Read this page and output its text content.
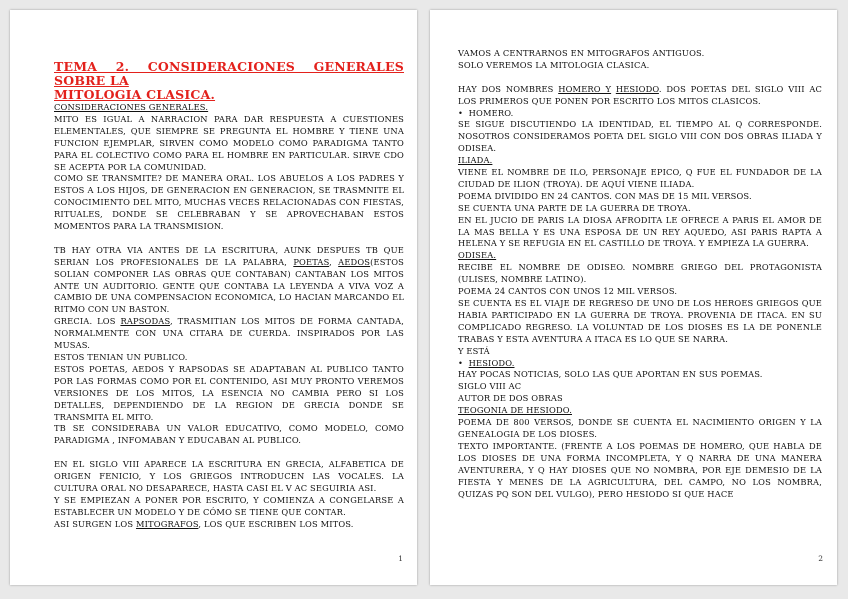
TEMA 2. CONSIDERACIONES GENERALES SOBRE LA

MITOLOGIA CLASICA.

CONSIDERACIONES GENERALES.

MITO ES IGUAL A NARRACION PARA DAR RESPUESTA A CUESTIONES ELEMENTALES, QUE SIEMPRE SE PREGUNTA EL HOMBRE Y TIENE UNA FUNCION EJEMPLAR, SIRVEN COMO MODELO COMO PARADIGMA TANTO PARA EL COLECTIVO COMO PARA EL HOMBRE EN PARTICULAR. SIRVE CDO SE ACEPTA POR LA COMUNIDAD.

COMO SE TRANSMITE? DE MANERA ORAL. LOS ABUELOS A LOS PADRES Y ESTOS A LOS HIJOS, DE GENERACION EN GENERACION, SE TRASMNITE EL CONOCIMIENTO DEL MITO, MUCHAS VECES RELACIONADAS CON FIESTAS, RITUALES, DONDE SE CELEBRABAN Y SE APROVECHABAN ESTOS MOMENTOS PARA LA TRANSMISION.

TB HAY OTRA VIA ANTES DE LA ESCRITURA, AUNK DESPUES TB QUE SERIAN LOS PROFESIONALES DE LA PALABRA, POETAS, AEDOS(ESTOS SOLIAN COMPONER LAS OBRAS QUE CONTABAN) CANTABAN LOS MITOS ANTE UN AUDITORIO. GENTE QUE CONTABA LA LEYENDA A VIVA VOZ A CAMBIO DE UNA COMPENSACION ECONOMICA, LO HACIAN MARCANDO EL RITMO CON UN BASTON.

GRECIA. LOS RAPSODAS, TRASMITIAN LOS MITOS DE FORMA CANTADA, NORMALMENTE CON UNA CITARA DE CUERDA. INSPIRADOS POR LAS MUSAS.

ESTOS TENIAN UN PUBLICO.

ESTOS POETAS, AEDOS Y RAPSODAS SE ADAPTABAN AL PUBLICO TANTO POR LAS FORMAS COMO POR EL CONTENIDO, ASI MUY PRONTO VEREMOS VERSIONES DE LOS MITOS, LA ESENCIA NO CAMBIA PERO SI LOS DETALLES, DEPENDIENDO DE LA REGION DE GRECIA DONDE SE TRANSMITA EL MITO.

TB SE CONSIDERABA UN VALOR EDUCATIVO, COMO MODELO, COMO PARADIGMA , INFOMABAN Y EDUCABAN AL PUBLICO.

EN EL SIGLO VIII APARECE LA ESCRITURA EN GRECIA, ALFABETICA DE ORIGEN FENICIO, Y LOS GRIEGOS INTRODUCEN LAS VOCALES. LA CULTURA ORAL NO DESAPARECE, HASTA CASI EL V AC SEGUIRIA ASI.

Y SE EMPIEZAN A PONER POR ESCRITO, Y COMIENZA A CONGELARSE A ESTABLECER UN MODELO Y DE CÓMO SE TIENE QUE CONTAR.

ASI SURGEN LOS MITOGRAFOS, LOS QUE ESCRIBEN LOS MITOS.

1

VAMOS A CENTRARNOS EN MITOGRAFOS ANTIGUOS.

SOLO VEREMOS LA MITOLOGIA CLASICA.

HAY DOS NOMBRES HOMERO Y HESIODO. DOS POETAS DEL SIGLO VIII AC LOS PRIMEROS QUE PONEN POR ESCRITO LOS MITOS CLASICOS.

•  HOMERO.

SE SIGUE DISCUTIENDO LA IDENTIDAD, EL TIEMPO AL Q CORRESPONDE. NOSOTROS CONSIDERAMOS POETA DEL SIGLO VIII CON DOS OBRAS ILIADA Y ODISEA.

ILIADA.

VIENE EL NOMBRE DE ILO, PERSONAJE EPICO, Q FUE EL FUNDADOR DE LA CIUDAD DE ILION (TROYA). DE AQUÍ VIENE ILIADA.

POEMA DIVIDIDO EN 24 CANTOS. CON MAS DE 15 MIL VERSOS.

SE CUENTA UNA PARTE DE LA GUERRA DE TROYA.

EN EL JUCIO DE PARIS LA DIOSA AFRODITA LE OFRECE A PARIS EL AMOR DE LA MAS BELLA Y ES UNA ESPOSA DE UN REY AQUEDO, ASI PARIS RAPTA A HELENA Y SE REFUGIA EN EL CASTILLO DE TROYA. Y EMPIEZA LA GUERRA.

ODISEA.

RECIBE EL NOMBRE DE ODISEO. NOMBRE GRIEGO DEL PROTAGONISTA (ULISES, NOMBRE LATINO).

POEMA 24 CANTOS CON UNOS 12 MIL VERSOS.

SE CUENTA ES EL VIAJE DE REGRESO DE UNO DE LOS HEROES GRIEGOS QUE HABIA PARTICIPADO EN LA GUERRA DE TROYA. PROVENIA DE ITACA. EN SU COMPLICADO REGRESO. LA VOLUNTAD DE LOS DIOSES ES LA DE PONENLE TRABAS Y ESTA AVENTURA A ITACA ES LO QUE SE NARRA.

Y ESTÁ

•  HESIODO.

HAY POCAS NOTICIAS, SOLO LAS QUE APORTAN EN SUS POEMAS.

SIGLO VIII AC

AUTOR DE DOS OBRAS

TEOGONIA DE HESIODO.

POEMA DE 800 VERSOS, DONDE SE CUENTA EL NACIMIENTO ORIGEN Y LA GENEALOGIA DE LOS DIOSES.

TEXTO IMPORTANTE. (FRENTE A LOS POEMAS DE HOMERO, QUE HABLA DE LOS DIOSES DE UNA FORMA INCOMPLETA, Y Q NARRA DE UNA MANERA AVENTURERA, Y Q HAY DIOSES QUE NO NOMBRA, POR EJE DEMESIO DE LA FIESTA Y MENES DE LA AGRICULTURA, DEL CAMPO, NO LOS NOMBRA, QUIZAS PQ SON DEL VULGO), PERO HESIODO SI QUE HACE

2
